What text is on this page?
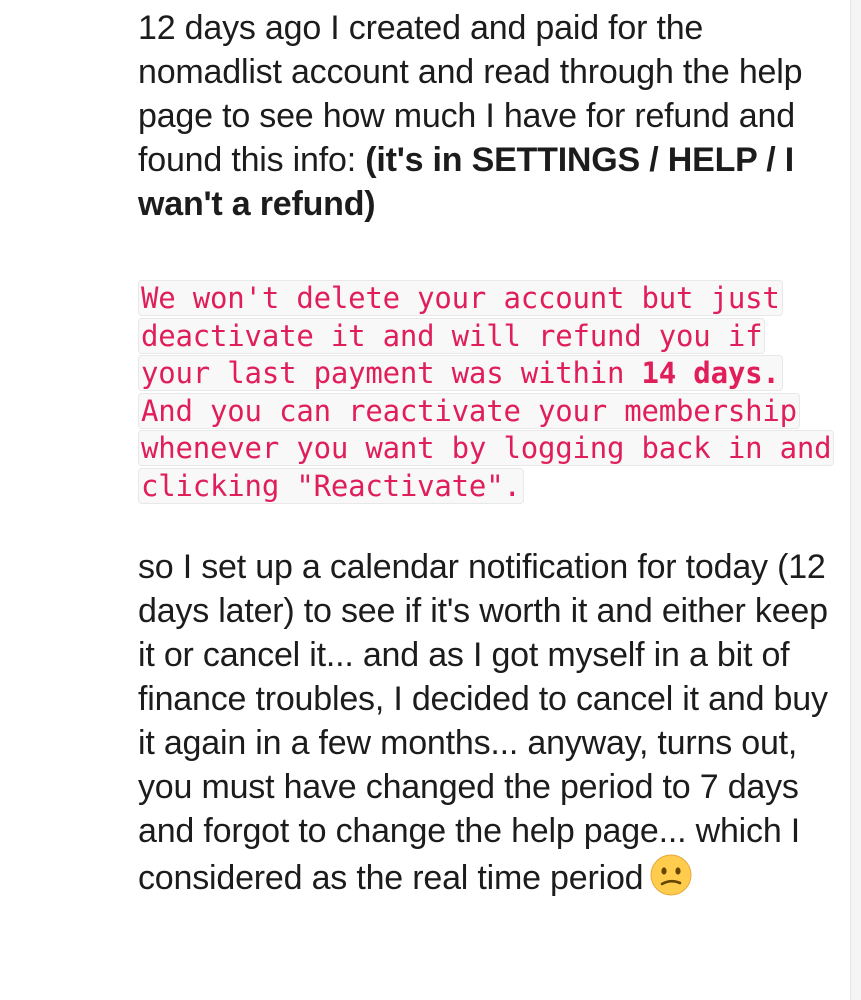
12 days ago I created and paid for the nomadlist account and read through the help page to see how much I have for refund and found this info: (it's in SETTINGS / HELP / I wan't a refund)

We won't delete your account but just deactivate it and will refund you if your last payment was within 14 days. And you can reactivate your membership whenever you want by logging back in and clicking "Reactivate".

so I set up a calendar notification for today (12 days later) to see if it's worth it and either keep it or cancel it... and as I got myself in a bit of finance troubles, I decided to cancel it and buy it again in a few months... anyway, turns out, you must have changed the period to 7 days and forgot to change the help page... which I considered as the real time period
